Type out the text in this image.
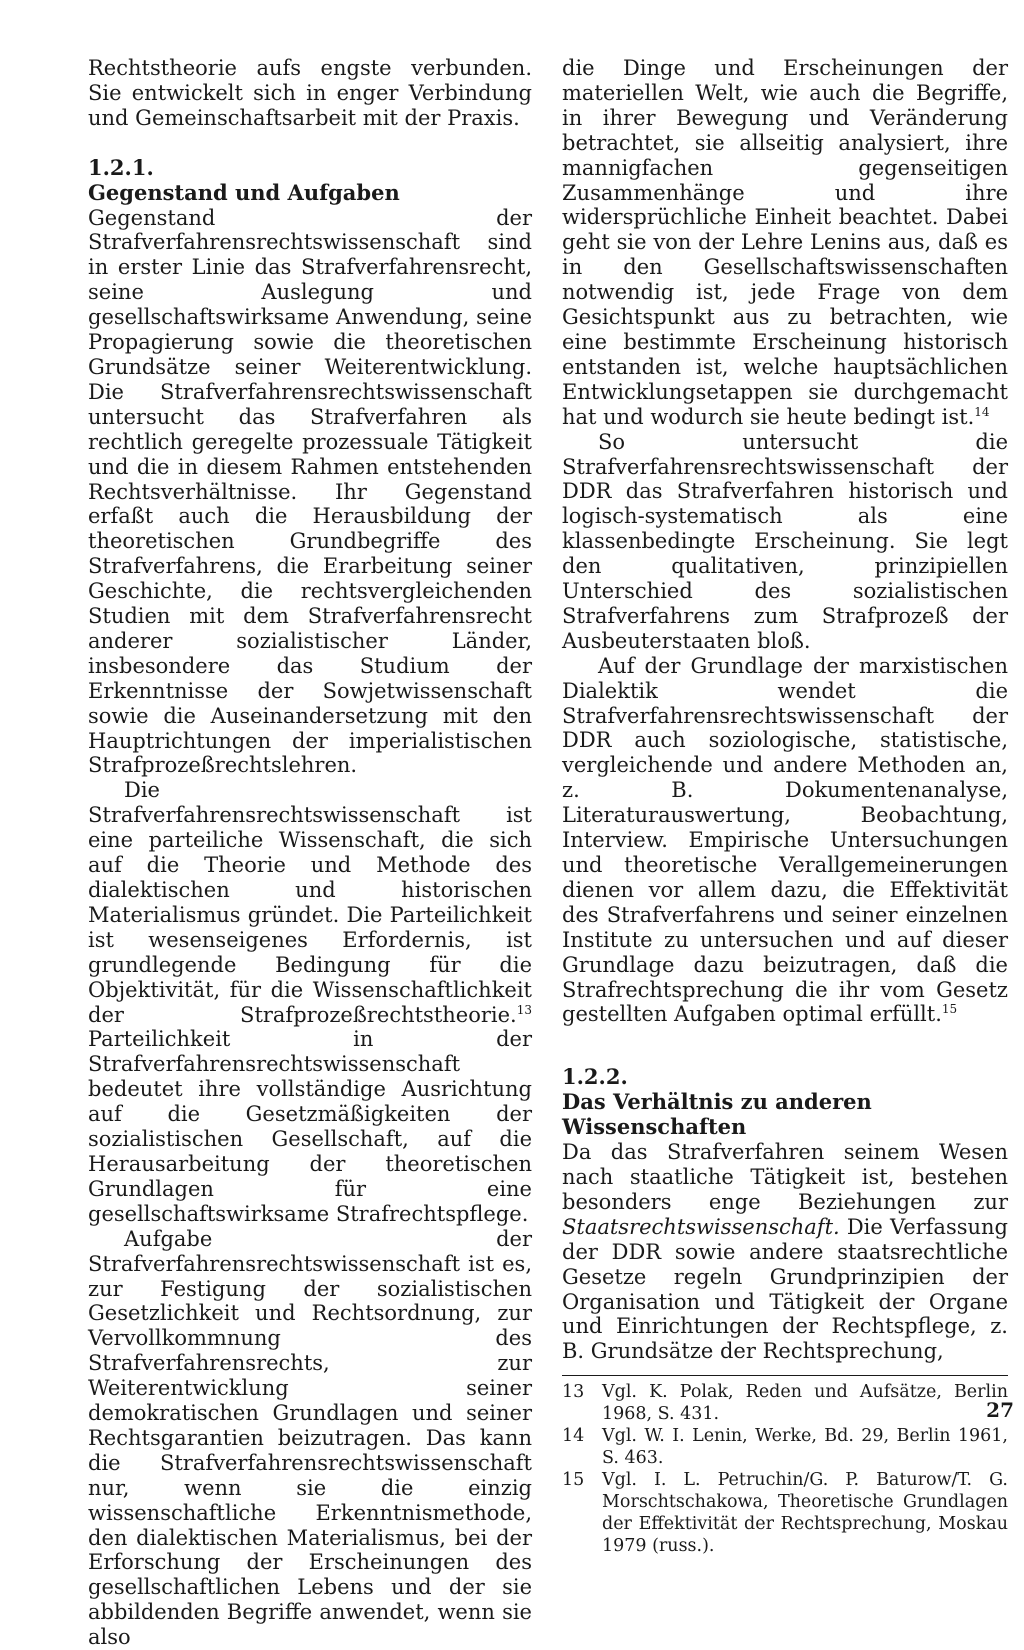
Rechtstheorie aufs engste verbunden. Sie entwickelt sich in enger Verbindung und Gemeinschaftsarbeit mit der Praxis.

1.2.1.
Gegenstand und Aufgaben

Gegenstand der Strafverfahrensrechtswissenschaft sind in erster Linie das Strafverfahrensrecht, seine Auslegung und gesellschaftswirksame Anwendung, seine Propagierung sowie die theoretischen Grundsätze seiner Weiterentwicklung. Die Strafverfahrensrechtswissenschaft untersucht das Strafverfahren als rechtlich geregelte prozessuale Tätigkeit und die in diesem Rahmen entstehenden Rechtsverhältnisse. Ihr Gegenstand erfaßt auch die Herausbildung der theoretischen Grundbegriffe des Strafverfahrens, die Erarbeitung seiner Geschichte, die rechtsvergleichenden Studien mit dem Strafverfahrensrecht anderer sozialistischer Länder, insbesondere das Studium der Erkenntnisse der Sowjetwissenschaft sowie die Auseinandersetzung mit den Hauptrichtungen der imperialistischen Strafprozeßrechtslehren.

Die Strafverfahrensrechtswissenschaft ist eine parteiliche Wissenschaft, die sich auf die Theorie und Methode des dialektischen und historischen Materialismus gründet. Die Parteilichkeit ist wesenseigenes Erfordernis, ist grundlegende Bedingung für die Objektivität, für die Wissenschaftlichkeit der Strafprozeßrechtstheorie.$^{13}$ Parteilichkeit in der Strafverfahrensrechtswissenschaft bedeutet ihre vollständige Ausrichtung auf die Gesetzmäßigkeiten der sozialistischen Gesellschaft, auf die Herausarbeitung der theoretischen Grundlagen für eine gesellschaftswirksame Strafrechtspflege.

Aufgabe der Strafverfahrensrechtswissenschaft ist es, zur Festigung der sozialistischen Gesetzlichkeit und Rechtsordnung, zur Vervollkommnung des Strafverfahrensrechts, zur Weiterentwicklung seiner demokratischen Grundlagen und seiner Rechtsgarantien beizutragen. Das kann die Strafverfahrensrechtswissenschaft nur, wenn sie die einzig wissenschaftliche Erkenntnismethode, den dialektischen Materialismus, bei der Erforschung der Erscheinungen des gesellschaftlichen Lebens und der sie abbildenden Begriffe anwendet, wenn sie also

die Dinge und Erscheinungen der materiellen Welt, wie auch die Begriffe, in ihrer Bewegung und Veränderung betrachtet, sie allseitig analysiert, ihre mannigfachen gegenseitigen Zusammenhänge und ihre widersprüchliche Einheit beachtet. Dabei geht sie von der Lehre Lenins aus, daß es in den Gesellschaftswissenschaften notwendig ist, jede Frage von dem Gesichtspunkt aus zu betrachten, wie eine bestimmte Erscheinung historisch entstanden ist, welche hauptsächlichen Entwicklungsetappen sie durchgemacht hat und wodurch sie heute bedingt ist.$^{14}$

So untersucht die Strafverfahrensrechtswissenschaft der DDR das Strafverfahren historisch und logisch-systematisch als eine klassenbedingte Erscheinung. Sie legt den qualitativen, prinzipiellen Unterschied des sozialistischen Strafverfahrens zum Strafprozeß der Ausbeuterstaaten bloß.

Auf der Grundlage der marxistischen Dialektik wendet die Strafverfahrensrechtswissenschaft der DDR auch soziologische, statistische, vergleichende und andere Methoden an, z. B. Dokumentenanalyse, Literaturauswertung, Beobachtung, Interview. Empirische Untersuchungen und theoretische Verallgemeinerungen dienen vor allem dazu, die Effektivität des Strafverfahrens und seiner einzelnen Institute zu untersuchen und auf dieser Grundlage dazu beizutragen, daß die Strafrechtsprechung die ihr vom Gesetz gestellten Aufgaben optimal erfüllt.$^{15}$

1.2.2.
Das Verhältnis zu anderen Wissenschaften

Da das Strafverfahren seinem Wesen nach staatliche Tätigkeit ist, bestehen besonders enge Beziehungen zur Staatsrechtswissenschaft. Die Verfassung der DDR sowie andere staatsrechtliche Gesetze regeln Grundprinzipien der Organisation und Tätigkeit der Organe und Einrichtungen der Rechtspflege, z. B. Grundsätze der Rechtsprechung,

13	Vgl. K. Polak, Reden und Aufsätze, Berlin 1968, S. 431.
14	Vgl. W. I. Lenin, Werke, Bd. 29, Berlin 1961, S. 463.
15	Vgl. I. L. Petruchin/G. P. Baturow/T. G. Morschtschakowa, Theoretische Grundlagen der Effektivität der Rechtsprechung, Moskau 1979 (russ.).
27
